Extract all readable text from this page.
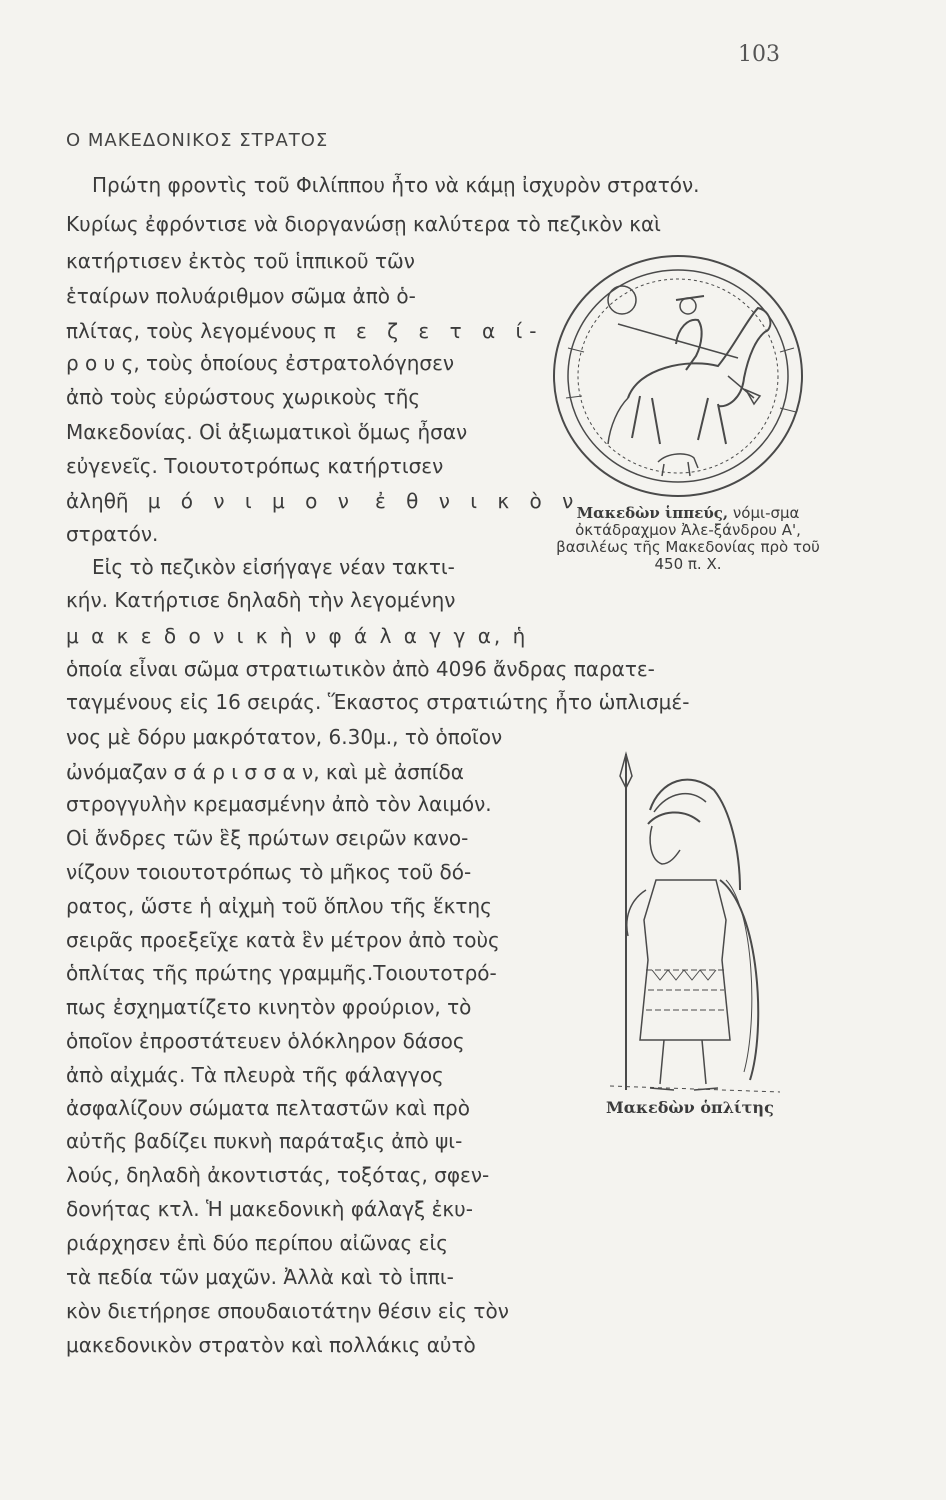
103
Ο ΜΑΚΕΔΟΝΙΚΟΣ ΣΤΡΑΤΟΣ
Πρώτη φροντὶς τοῦ Φιλίππου ἦτο νὰ κάμῃ ἰσχυρὸν στρατόν.
Κυρίως ἐφρόντισε νὰ διοργανώσῃ καλύτερα τὸ πεζικὸν καὶ
κατήρτισεν ἐκτὸς τοῦ ἱππικοῦ τῶν
ἑταίρων πολυάριθμον σῶμα ἀπὸ ὁ-
πλίτας, τοὺς λεγομένους π ε ζ ε τ α ί-
ρ ο υ ς, τοὺς ὁποίους ἐστρατολόγησεν
ἀπὸ τοὺς εὐρώστους χωρικοὺς τῆς
Μακεδονίας. Οἱ ἀξιωματικοὶ ὅμως ἦσαν
εὐγενεῖς. Τοιουτοτρόπως κατήρτισεν
ἀληθῆ μ ό ν ι μ ο ν ἐ θ ν ι κ ὸ ν
στρατόν.
Εἰς τὸ πεζικὸν εἰσήγαγε νέαν τακτι-
κήν. Κατήρτισε δηλαδὴ τὴν λεγομένην
μ α κ ε δ ο ν ι κ ὴ ν φ ά λ α γ γ α, ἡ
ὁποία εἶναι σῶμα στρατιωτικὸν ἀπὸ 4096 ἄνδρας παρατε-
ταγμένους εἰς 16 σειράς. Ἕκαστος στρατιώτης ἦτο ὡπλισμέ-
νος μὲ δόρυ μακρότατον, 6.30μ., τὸ ὁποῖον
ὠνόμαζαν σ ά ρ ι σ σ α ν, καὶ μὲ ἀσπίδα
στρογγυλὴν κρεμασμένην ἀπὸ τὸν λαιμόν.
Οἱ ἄνδρες τῶν ἓξ πρώτων σειρῶν κανο-
νίζουν τοιουτοτρόπως τὸ μῆκος τοῦ δό-
ρατος, ὥστε ἡ αἰχμὴ τοῦ ὅπλου τῆς ἕκτης
σειρᾶς προεξεῖχε κατὰ ἓν μέτρον ἀπὸ τοὺς
ὁπλίτας τῆς πρώτης γραμμῆς.Τοιουτοτρό-
πως ἐσχηματίζετο κινητὸν φρούριον, τὸ
ὁποῖον ἐπροστάτευεν ὁλόκληρον δάσος
ἀπὸ αἰχμάς. Τὰ πλευρὰ τῆς φάλαγγος
ἀσφαλίζουν σώματα πελταστῶν καὶ πρὸ
αὐτῆς βαδίζει πυκνὴ παράταξις ἀπὸ ψι-
λούς, δηλαδὴ ἀκοντιστάς, τοξότας, σφεν-
δονήτας κτλ. Ἡ μακεδονικὴ φάλαγξ ἐκυ-
ριάρχησεν ἐπὶ δύο περίπου αἰῶνας εἰς
τὰ πεδία τῶν μαχῶν. Ἀλλὰ καὶ τὸ ἱππι-
κὸν διετήρησε σπουδαιοτάτην θέσιν εἰς τὸν
μακεδονικὸν στρατὸν καὶ πολλάκις αὐτὸ
Μακεδὼν ἱππεύς, νόμι-σμα ὀκτάδραχμον Ἀλε-ξάνδρου Α', βασιλέως τῆς Μακεδονίας πρὸ τοῦ 450 π. Χ.
Μακεδὼν ὁπλίτης
